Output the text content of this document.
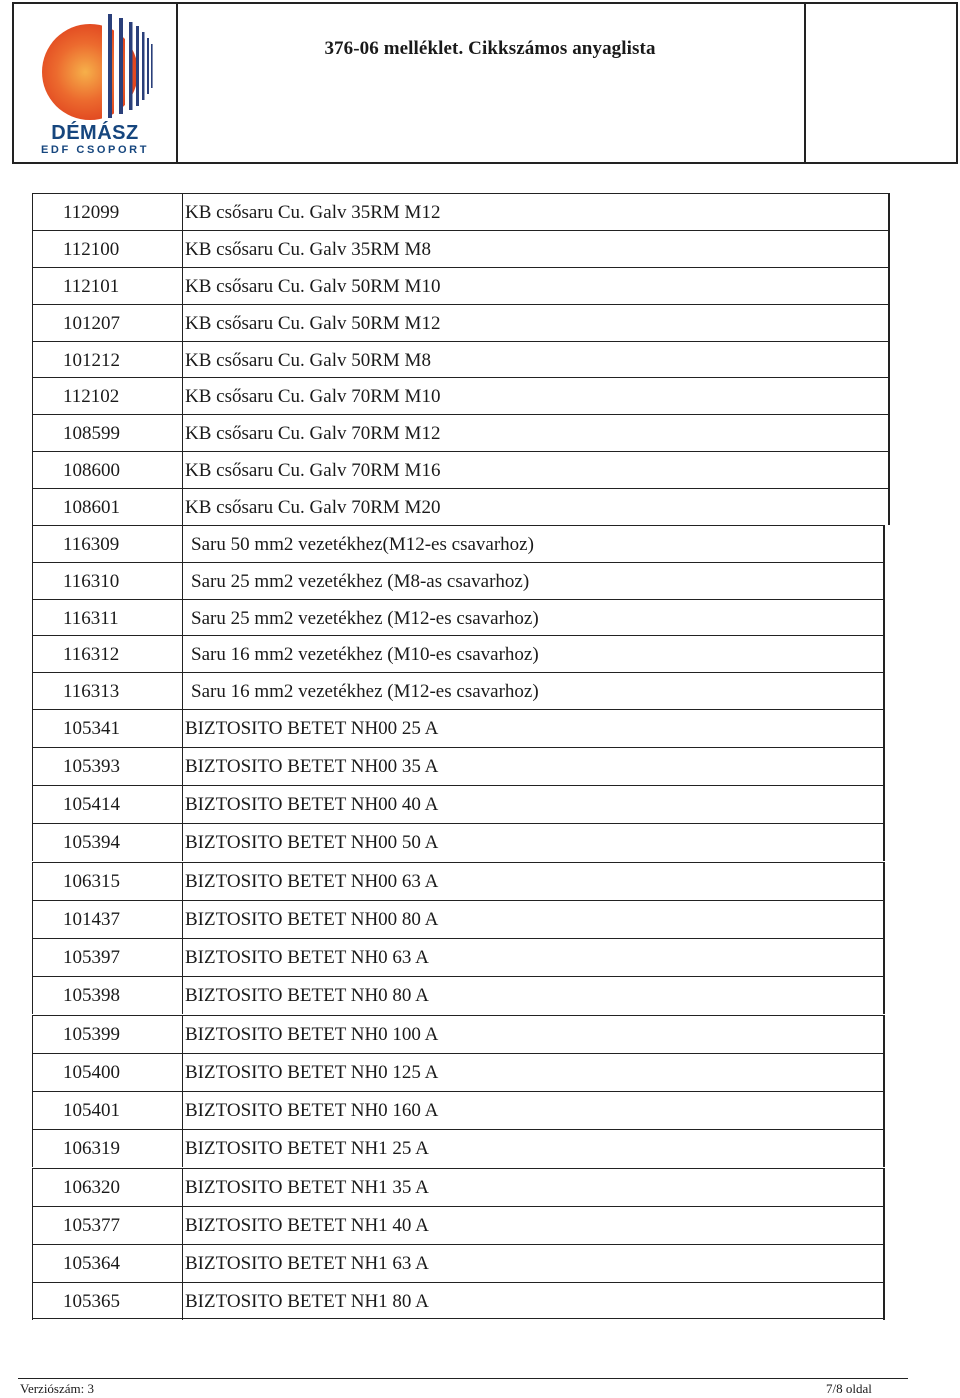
DÉMÁSZ
EDF CSOPORT
376-06 melléklet. Cikkszámos anyaglista
112099	KB csősaru Cu. Galv 35RM M12
112100	KB csősaru Cu. Galv 35RM M8
112101	KB csősaru Cu. Galv 50RM M10
101207	KB csősaru Cu. Galv 50RM M12
101212	KB csősaru Cu. Galv 50RM M8
112102	KB csősaru Cu. Galv 70RM M10
108599	KB csősaru Cu. Galv 70RM M12
108600	KB csősaru Cu. Galv 70RM M16
108601	KB csősaru Cu. Galv 70RM M20
116309	Saru 50 mm2 vezetékhez(M12-es csavarhoz)
116310	Saru 25 mm2 vezetékhez (M8-as csavarhoz)
116311	Saru 25 mm2 vezetékhez (M12-es csavarhoz)
116312	Saru 16 mm2 vezetékhez (M10-es csavarhoz)
116313	Saru 16 mm2 vezetékhez (M12-es csavarhoz)
105341	BIZTOSITO BETET NH00 25 A
105393	BIZTOSITO BETET NH00 35 A
105414	BIZTOSITO BETET NH00 40 A
105394	BIZTOSITO BETET NH00 50 A
106315	BIZTOSITO BETET NH00 63 A
101437	BIZTOSITO BETET NH00 80 A
105397	BIZTOSITO BETET NH0 63 A
105398	BIZTOSITO BETET NH0 80 A
105399	BIZTOSITO BETET NH0 100 A
105400	BIZTOSITO BETET NH0 125 A
105401	BIZTOSITO BETET NH0 160 A
106319	BIZTOSITO BETET NH1 25 A
106320	BIZTOSITO BETET NH1 35 A
105377	BIZTOSITO BETET NH1 40 A
105364	BIZTOSITO BETET NH1 63 A
105365	BIZTOSITO BETET NH1 80 A
Verziószám: 3	7/8 oldal
